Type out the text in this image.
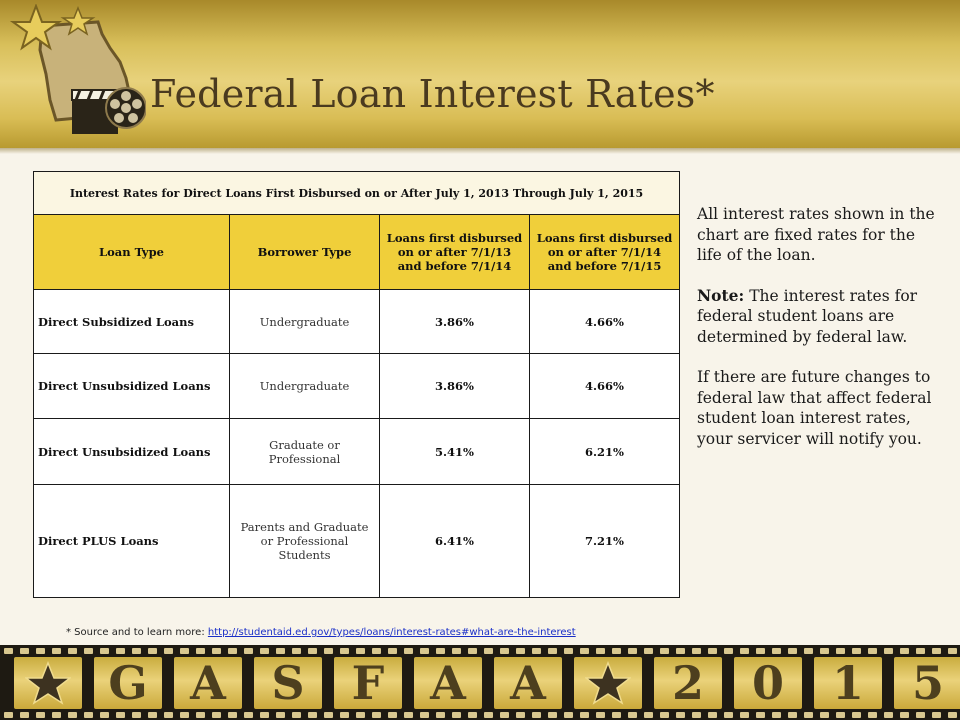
Federal Loan Interest Rates*
Interest Rates for Direct Loans First Disbursed on or After July 1, 2013 Through July 1, 2015			
Loan Type	Borrower Type	Loans first disbursed on or after 7/1/13 and before 7/1/14	Loans first disbursed on or after 7/1/14 and before 7/1/15
Direct Subsidized Loans	Undergraduate	3.86%	4.66%
Direct Unsubsidized Loans	Undergraduate	3.86%	4.66%
Direct Unsubsidized Loans	Graduate or Professional	5.41%	6.21%
Direct PLUS Loans	Parents and Graduate or Professional Students	6.41%	7.21%

All interest rates shown in the chart are fixed rates for the life of the loan.

Note: The interest rates for federal student loans are determined by federal law.

If there are future changes to federal law that affect federal student loan interest rates, your servicer will notify you.

* Source and to learn more: http://studentaid.ed.gov/types/loans/interest-rates#what-are-the-interest
G A S	F A A	2	0	1	5
